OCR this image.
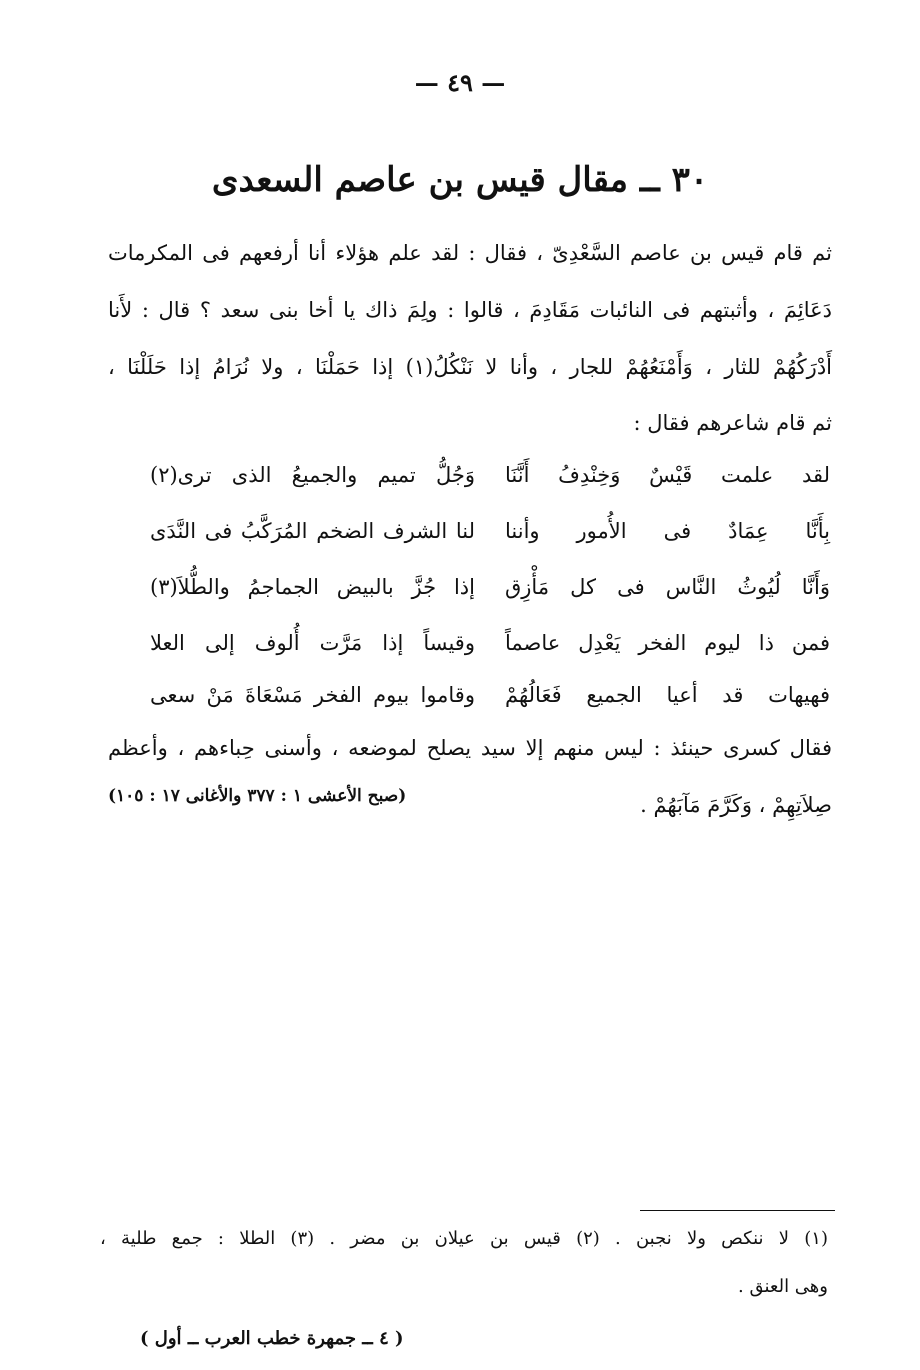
— ٤٩ —
٣٠ ــ مقال قيس بن عاصم السعدى
ثم قام قيس بن عاصم السَّعْدِىّ ، فقال : لقد علم هؤلاء أنا أرفعهم فى المكرمات
دَعَائِمَ ، وأثبتهم فى النائبات مَقَادِمَ ، قالوا : ولِمَ ذاك يا أخا بنى سعد ؟ قال : لأَنا
أَدْرَكُهُمْ للثار ، وَأَمْنَعُهُمْ للجار ، وأنا لا نَنْكُلُ(١) إذا حَمَلْنَا ، ولا نُرَامُ إذا حَلَلْنَا ،
ثم قام شاعرهم فقال :
لقد علمت قَيْسٌ وَخِنْدِفُ أَنَّنَا
وَجُلُّ تميم والجميعُ الذى ترى(٢)
بِأَنَّا عِمَادٌ فى الأُمور وأننا
لنا الشرف الضخم المُرَكَّبُ فى النَّدَى
وَأَنَّا لُيُوثُ النَّاس فى كل مَأْزِق
إذا جُزَّ بالبيض الجماجمُ والطُّلاَ(٣)
فمن ذا ليوم الفخر يَعْدِل عاصماً
وقيساً إذا مَرَّت أُلوف إلى العلا
فهيهات قد أعيا الجميع فَعَالُهُمْ
وقاموا بيوم الفخر مَسْعَاةَ مَنْ سعى
فقال كسرى حينئذ : ليس منهم إلا سيد يصلح لموضعه ، وأسنى حِباءهم ، وأعظم
صِلاَتِهِمْ ، وَكَرَّمَ مَآبَهُمْ .
(صبح الأعشى ١ : ٣٧٧ والأغانى ١٧ : ١٠٥)
(١) لا ننكص ولا نجبن . (٢) قيس بن عيلان بن مضر . (٣) الطلا : جمع طلية ،
وهى العنق .
( ٤ ــ جمهرة خطب العرب ــ أول )
